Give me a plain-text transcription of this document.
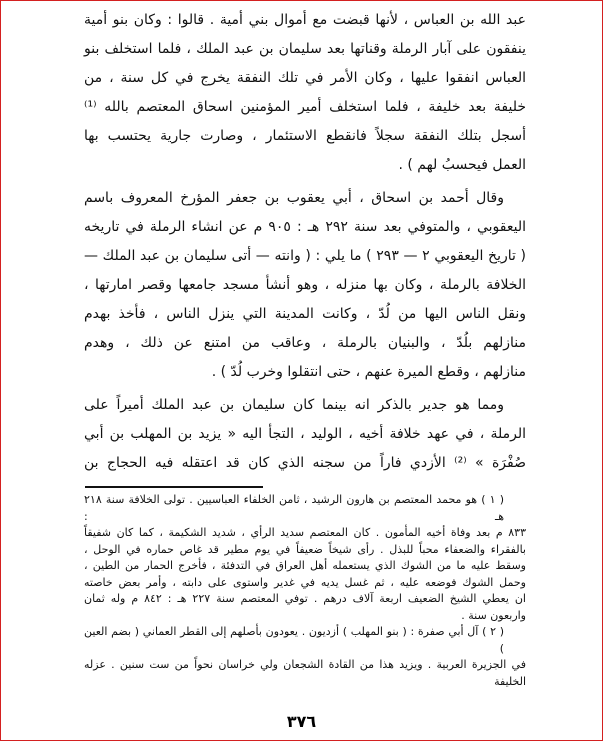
عبد الله بن العباس ، لأنها قبضت مع أموال بني أمية . قالوا : وكان بنو أمية
ينفقون على آبار الرملة وقناتها بعد سليمان بن عبد الملك ، فلما استخلف بنو
العباس انفقوا عليها ، وكان الأمر في تلك النفقة يخرج في كل سنة ، من
خليفة بعد خليفة ، فلما استخلف أمير المؤمنين اسحاق المعتصم بالله ⁽¹⁾
أسجل بتلك النفقة سجلاً فانقطع الاستئمار ، وصارت جارية يحتسب بها
العمل فيحسبُ لهم ) .
وقال أحمد بن اسحاق ، أبي يعقوب بن جعفر المؤرخ المعروف باسم
اليعقوبي ، والمتوفي بعد سنة ٢٩٢ هـ : ٩٠٥ م عن انشاء الرملة في تاريخه
( تاريخ اليعقوبي ٢ — ٢٩٣ ) ما يلي : ( وانته — أتى سليمان بن عبد الملك —
الخلافة بالرملة ، وكان بها منزله ، وهو أنشأ مسجد جامعها وقصر امارتها ،
ونقل الناس اليها من لُدّ ، وكانت المدينة التي ينزل الناس ، فأخذ بهدم
منازلهم بلُدّ ، والبنيان بالرملة ، وعاقب من امتنع عن ذلك ، وهدم
منازلهم ، وقطع الميرة عنهم ، حتى انتقلوا وخرب لُدّ ) .
ومما هو جدير بالذكر انه بينما كان سليمان بن عبد الملك أميراً على
الرملة ، في عهد خلافة أخيه ، الوليد ، التجأ اليه « يزيد بن المهلب بن أبي
صُفْرَة » ⁽²⁾ الأزدي فاراً من سجنه الذي كان قد اعتقله فيه الحجاج بن
( ١ ) هو محمد المعتصم بن هارون الرشيد ، ثامن الخلفاء العباسيين . تولى الخلافة سنة ٢١٨ هـ :
٨٣٣ م بعد وفاة أخيه المأمون . كان المعتصم سديد الرأي ، شديد الشكيمة ، كما كان شفيقاً
بالفقراء والضعفاء محباً للبذل . رأى شيخاً ضعيفاً في يوم مطير قد غاص حماره في الوحل ،
وسقط عليه ما من الشوك الذي يستعمله أهل العراق في التدفئة ، فأخرج الحمار من الطين ،
وحمل الشوك فوضعه عليه ، ثم غسل يديه في غدير واستوى على دابته ، وأمر بعض خاصته
ان يعطي الشيخ الضعيف اربعة آلاف درهم . توفي المعتصم سنة ٢٢٧ هـ : ٨٤٢ م وله ثمان
واربعون سنة .
( ٢ ) آل أبي صفرة : ( بنو المهلب ) أزديون . يعودون بأصلهم إلى القطر العماني ( بضم العين )
في الجزيرة العربية . ويزيد هذا من القادة الشجعان ولي خراسان نحواً من ست سنين . عزله الخليفة
٣٧٦
